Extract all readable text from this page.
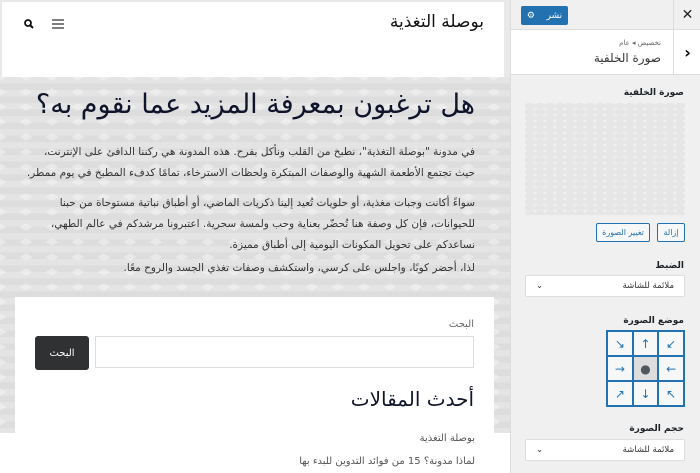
بوصلة التغذية
هل ترغبون بمعرفة المزيد عما نقوم به؟

في مدونة "بوصلة التغذية"، نطبخ من القلب ونأكل بفرح. هذه المدونة هي ركننا الدافئ على الإنترنت، حيث تجتمع الأطعمة الشهية والوصفات المبتكرة ولحظات الاسترخاء، تمامًا كدفء المطبخ في يوم ممطر.

سواءً أكانت وجبات مغذية، أو حلويات تُعيد إلينا ذكريات الماضي، أو أطباق نباتية مستوحاة من حبنا للحيوانات، فإن كل وصفة هنا تُحضّر بعناية وحب ولمسة سحرية. اعتبرونا مرشدكم في عالم الطهي، نساعدكم على تحويل المكونات اليومية إلى أطباق مميزة.

لذا، أحضر كوبًا، واجلس على كرسي، واستكشف وصفات تغذي الجسد والروح معًا.

البحث
البحث
أحدث المقالات
بوصلة التغذية
لماذا مدونة؟ 15 من فوائد التدوين للبدء بها
✕
نشر
⚙
‹
تخصيص ◂ عام
صورة الخلفية
صورة الخلفية
إزالة
تغيير الصورة
الضبط
ملائمة للشاشة
⌄
موضع الصورة
↙
↑
↘
←
●
→
↖
↓
↗
حجم الصورة
ملائمة للشاشة
⌄
